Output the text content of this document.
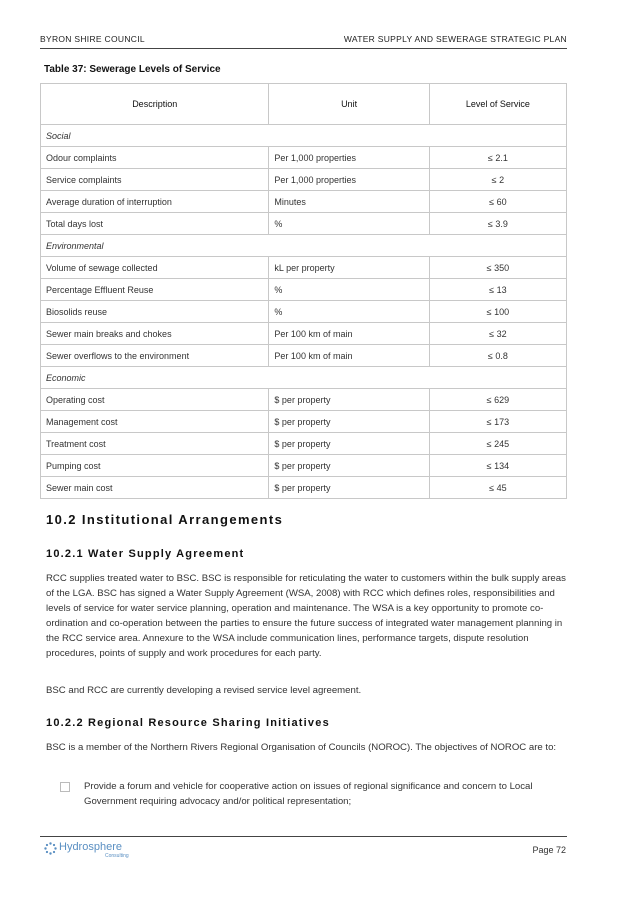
BYRON SHIRE COUNCIL	WATER SUPPLY AND SEWERAGE STRATEGIC PLAN
Table 37: Sewerage Levels of Service
Description	Unit	Level of Service
Social		
Odour complaints	Per 1,000 properties	≤ 2.1
Service complaints	Per 1,000 properties	≤ 2
Average duration of interruption	Minutes	≤ 60
Total days lost	%	≤ 3.9
Environmental		
Volume of sewage collected	kL per property	≤ 350
Percentage Effluent Reuse	%	≤ 13
Biosolids reuse	%	≤ 100
Sewer main breaks and chokes	Per 100 km of main	≤ 32
Sewer overflows to the environment	Per 100 km of main	≤ 0.8
Economic		
Operating cost	$ per property	≤ 629
Management cost	$ per property	≤ 173
Treatment cost	$ per property	≤ 245
Pumping cost	$ per property	≤ 134
Sewer main cost	$ per property	≤ 45
10.2 Institutional Arrangements
10.2.1 Water Supply Agreement

RCC supplies treated water to BSC. BSC is responsible for reticulating the water to customers within the bulk supply areas of the LGA. BSC has signed a Water Supply Agreement (WSA, 2008) with RCC which defines roles, responsibilities and levels of service for water service planning, operation and maintenance. The WSA is a key opportunity to promote co-ordination and co-operation between the parties to ensure the future success of integrated water management planning in the RCC service area. Annexure to the WSA include communication lines, performance targets, dispute resolution procedures, points of supply and work procedures for each party.

BSC and RCC are currently developing a revised service level agreement.

10.2.2 Regional Resource Sharing Initiatives

BSC is a member of the Northern Rivers Regional Organisation of Councils (NOROC). The objectives of NOROC are to:

Provide a forum and vehicle for cooperative action on issues of regional significance and concern to Local Government requiring advocacy and/or political representation;
Hydrosphere
Consulting
Page 72
